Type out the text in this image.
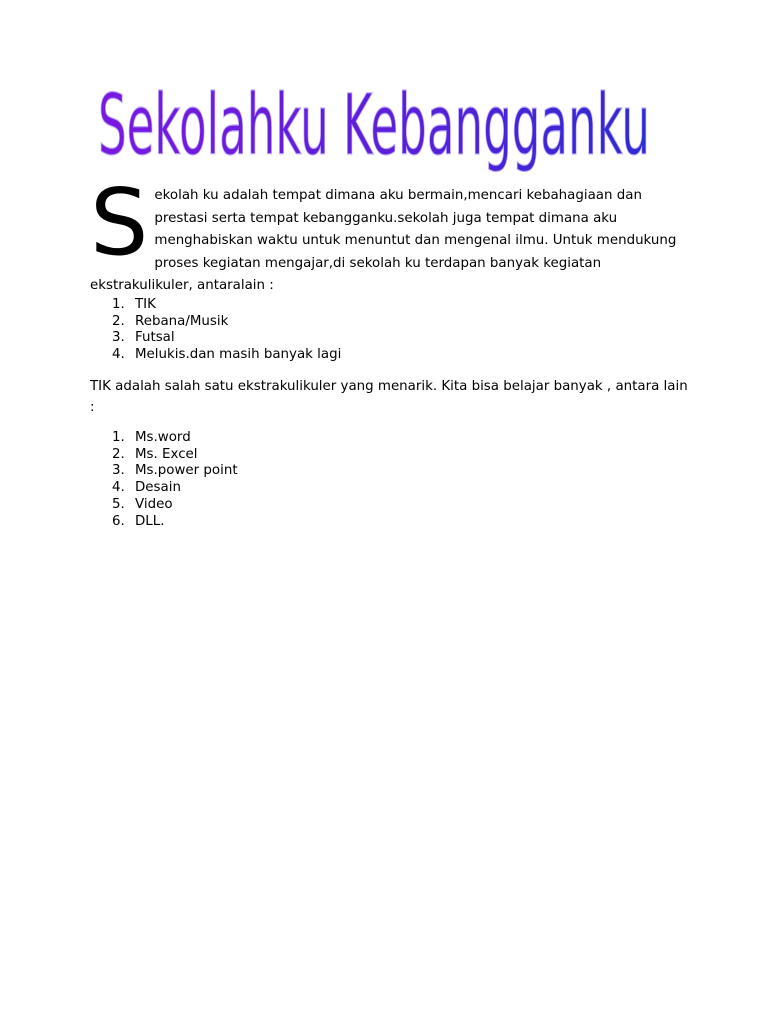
Sekolahku Kebangganku
S ekolah ku adalah tempat dimana aku bermain,mencari kebahagiaan dan prestasi serta tempat kebangganku.sekolah juga tempat dimana aku menghabiskan waktu untuk menuntut dan mengenal ilmu. Untuk mendukung proses kegiatan mengajar,di sekolah ku terdapan banyak kegiatan ekstrakulikuler, antaralain :
1. TIK
2. Rebana/Musik
3. Futsal
4. Melukis.dan masih banyak lagi
TIK adalah salah satu ekstrakulikuler yang menarik. Kita bisa belajar banyak , antara lain :
1. Ms.word
2. Ms. Excel
3. Ms.power point
4. Desain
5. Video
6. DLL.
